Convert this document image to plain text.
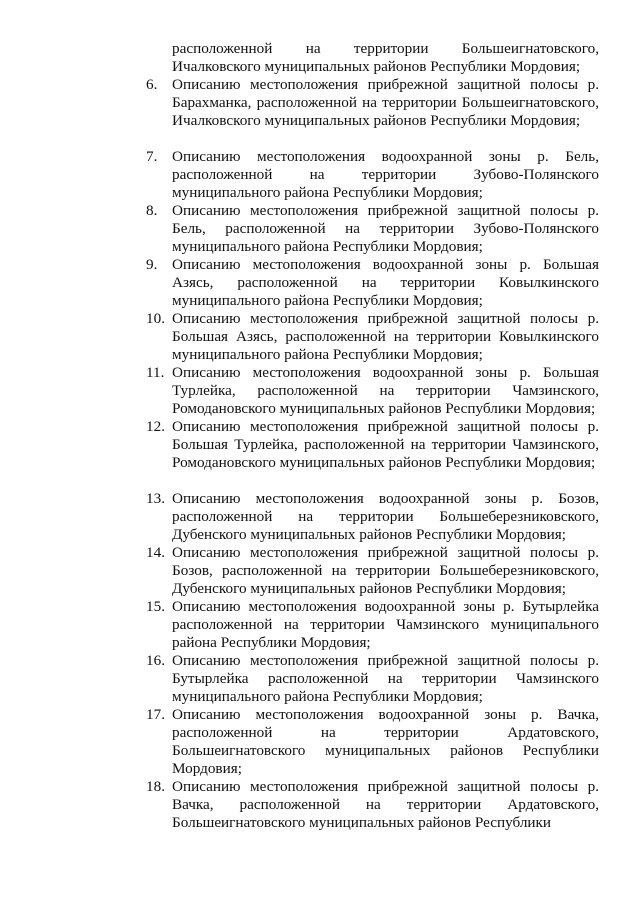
расположенной на территории Большеигнатовского, Ичалковского муниципальных районов Республики Мордовия;
6. Описанию местоположения прибрежной защитной полосы р. Барахманка, расположенной на территории Большеигнатовского, Ичалковского муниципальных районов Республики Мордовия;
7. Описанию местоположения водоохранной зоны р. Бель, расположенной на территории Зубово-Полянского муниципального района Республики Мордовия;
8. Описанию местоположения прибрежной защитной полосы р. Бель, расположенной на территории Зубово-Полянского муниципального района Республики Мордовия;
9. Описанию местоположения водоохранной зоны р. Большая Азясь, расположенной на территории Ковылкинского муниципального района Республики Мордовия;
10. Описанию местоположения прибрежной защитной полосы р. Большая Азясь, расположенной на территории Ковылкинского муниципального района Республики Мордовия;
11. Описанию местоположения водоохранной зоны р. Большая Турлейка, расположенной на территории Чамзинского, Ромодановского муниципальных районов Республики Мордовия;
12. Описанию местоположения прибрежной защитной полосы р. Большая Турлейка, расположенной на территории Чамзинского, Ромодановского муниципальных районов Республики Мордовия;
13. Описанию местоположения водоохранной зоны р. Бозов, расположенной на территории Большеберезниковского, Дубенского муниципальных районов Республики Мордовия;
14. Описанию местоположения прибрежной защитной полосы р. Бозов, расположенной на территории Большеберезниковского, Дубенского муниципальных районов Республики Мордовия;
15. Описанию местоположения водоохранной зоны р. Бутырлейка расположенной на территории Чамзинского муниципального района Республики Мордовия;
16. Описанию местоположения прибрежной защитной полосы р. Бутырлейка расположенной на территории Чамзинского муниципального района Республики Мордовия;
17. Описанию местоположения водоохранной зоны р. Вачка, расположенной на территории Ардатовского, Большеигнатовского муниципальных районов Республики Мордовия;
18. Описанию местоположения прибрежной защитной полосы р. Вачка, расположенной на территории Ардатовского, Большеигнатовского муниципальных районов Республики
